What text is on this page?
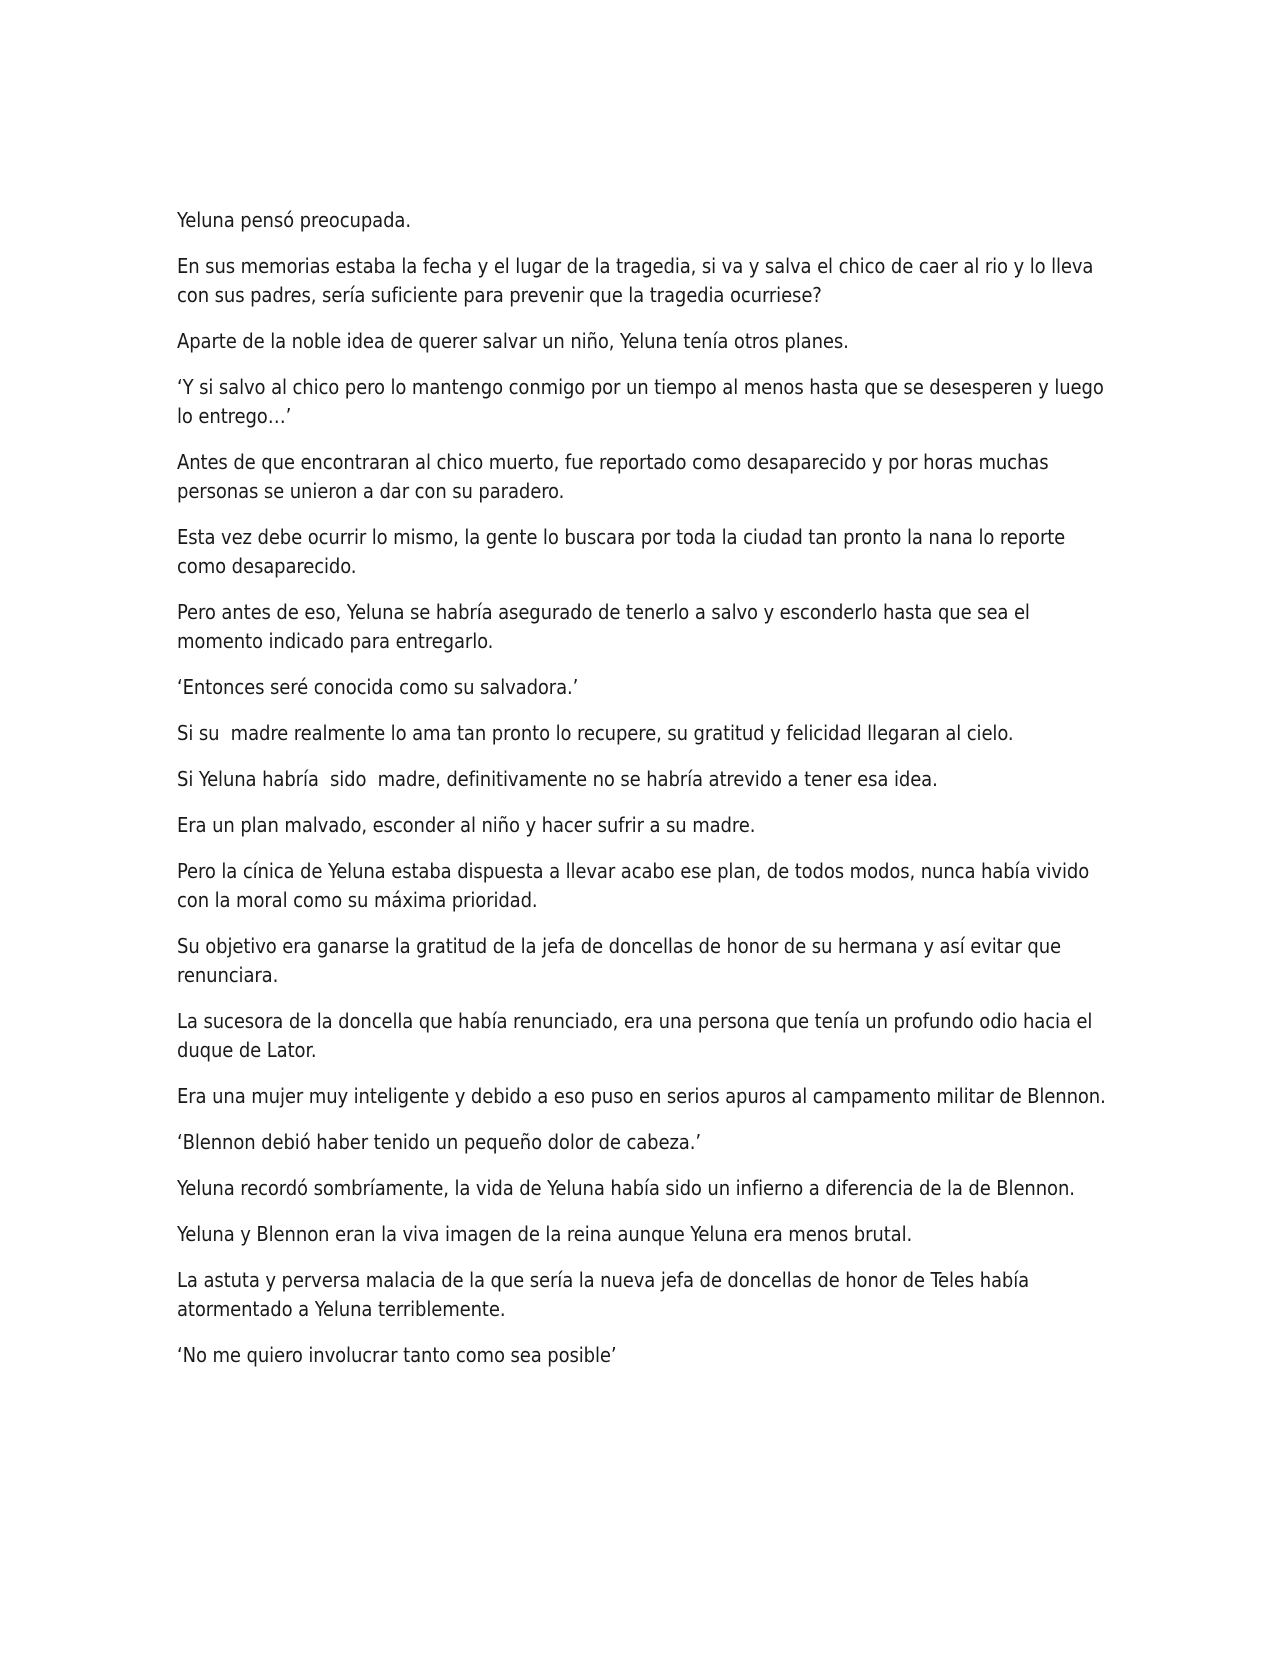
Yeluna pensó preocupada.

En sus memorias estaba la fecha y el lugar de la tragedia, si va y salva el chico de caer al rio y lo lleva con sus padres, sería suficiente para prevenir que la tragedia ocurriese?

Aparte de la noble idea de querer salvar un niño, Yeluna tenía otros planes.

‘Y si salvo al chico pero lo mantengo conmigo por un tiempo al menos hasta que se desesperen y luego lo entrego…’

Antes de que encontraran al chico muerto, fue reportado como desaparecido y por horas muchas personas se unieron a dar con su paradero.

Esta vez debe ocurrir lo mismo, la gente lo buscara por toda la ciudad tan pronto la nana lo reporte como desaparecido.

Pero antes de eso, Yeluna se habría asegurado de tenerlo a salvo y esconderlo hasta que sea el momento indicado para entregarlo.

‘Entonces seré conocida como su salvadora.’

Si su  madre realmente lo ama tan pronto lo recupere, su gratitud y felicidad llegaran al cielo.

Si Yeluna habría  sido  madre, definitivamente no se habría atrevido a tener esa idea.

Era un plan malvado, esconder al niño y hacer sufrir a su madre.

Pero la cínica de Yeluna estaba dispuesta a llevar acabo ese plan, de todos modos, nunca había vivido con la moral como su máxima prioridad.

Su objetivo era ganarse la gratitud de la jefa de doncellas de honor de su hermana y así evitar que renunciara.

La sucesora de la doncella que había renunciado, era una persona que tenía un profundo odio hacia el duque de Lator.

Era una mujer muy inteligente y debido a eso puso en serios apuros al campamento militar de Blennon.

‘Blennon debió haber tenido un pequeño dolor de cabeza.’

Yeluna recordó sombríamente, la vida de Yeluna había sido un infierno a diferencia de la de Blennon.

Yeluna y Blennon eran la viva imagen de la reina aunque Yeluna era menos brutal.

La astuta y perversa malacia de la que sería la nueva jefa de doncellas de honor de Teles había atormentado a Yeluna terriblemente.

‘No me quiero involucrar tanto como sea posible’
